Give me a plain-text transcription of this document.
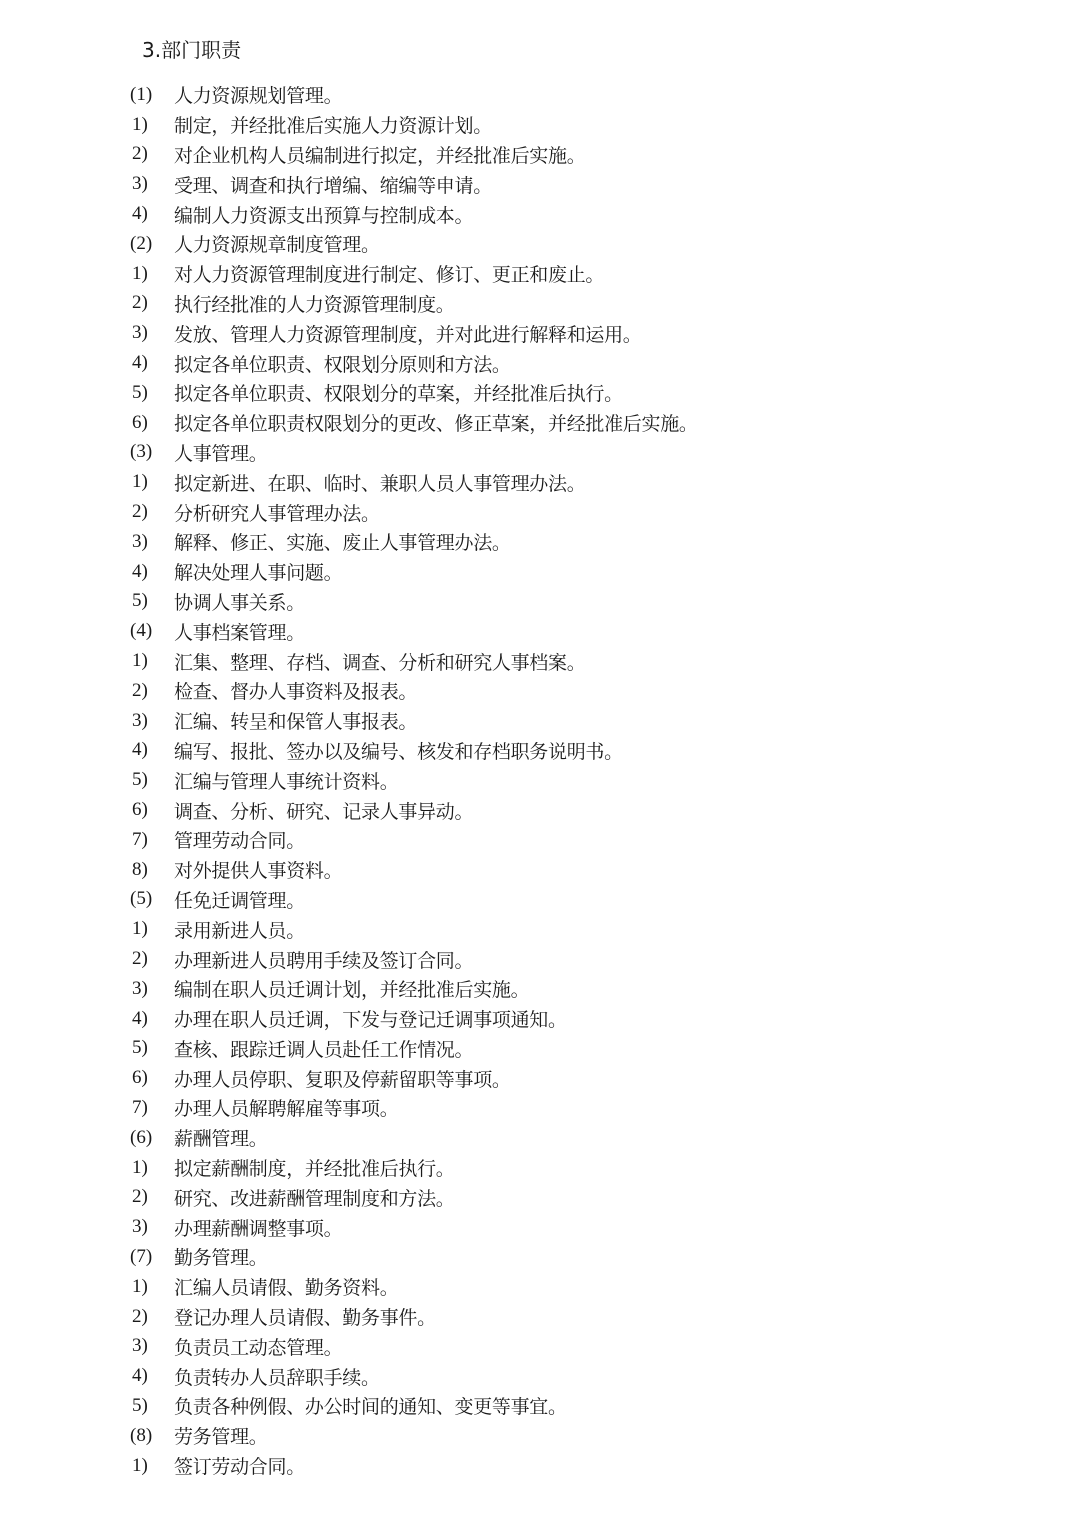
3.部门职责
(1)	人力资源规划管理。
1)	制定，并经批准后实施人力资源计划。
2)	对企业机构人员编制进行拟定，并经批准后实施。
3)	受理、调查和执行增编、缩编等申请。
4)	编制人力资源支出预算与控制成本。
(2)	人力资源规章制度管理。
1)	对人力资源管理制度进行制定、修订、更正和废止。
2)	执行经批准的人力资源管理制度。
3)	发放、管理人力资源管理制度，并对此进行解释和运用。
4)	拟定各单位职责、权限划分原则和方法。
5)	拟定各单位职责、权限划分的草案，并经批准后执行。
6)	拟定各单位职责权限划分的更改、修正草案，并经批准后实施。
(3)	人事管理。
1)	拟定新进、在职、临时、兼职人员人事管理办法。
2)	分析研究人事管理办法。
3)	解释、修正、实施、废止人事管理办法。
4)	解决处理人事问题。
5)	协调人事关系。
(4)	人事档案管理。
1)	汇集、整理、存档、调查、分析和研究人事档案。
2)	检查、督办人事资料及报表。
3)	汇编、转呈和保管人事报表。
4)	编写、报批、签办以及编号、核发和存档职务说明书。
5)	汇编与管理人事统计资料。
6)	调查、分析、研究、记录人事异动。
7)	管理劳动合同。
8)	对外提供人事资料。
(5)	任免迁调管理。
1)	录用新进人员。
2)	办理新进人员聘用手续及签订合同。
3)	编制在职人员迁调计划，并经批准后实施。
4)	办理在职人员迁调，下发与登记迁调事项通知。
5)	查核、跟踪迁调人员赴任工作情况。
6)	办理人员停职、复职及停薪留职等事项。
7)	办理人员解聘解雇等事项。
(6)	薪酬管理。
1)	拟定薪酬制度，并经批准后执行。
2)	研究、改进薪酬管理制度和方法。
3)	办理薪酬调整事项。
(7)	勤务管理。
1)	汇编人员请假、勤务资料。
2)	登记办理人员请假、勤务事件。
3)	负责员工动态管理。
4)	负责转办人员辞职手续。
5)	负责各种例假、办公时间的通知、变更等事宜。
(8)	劳务管理。
1)	签订劳动合同。
